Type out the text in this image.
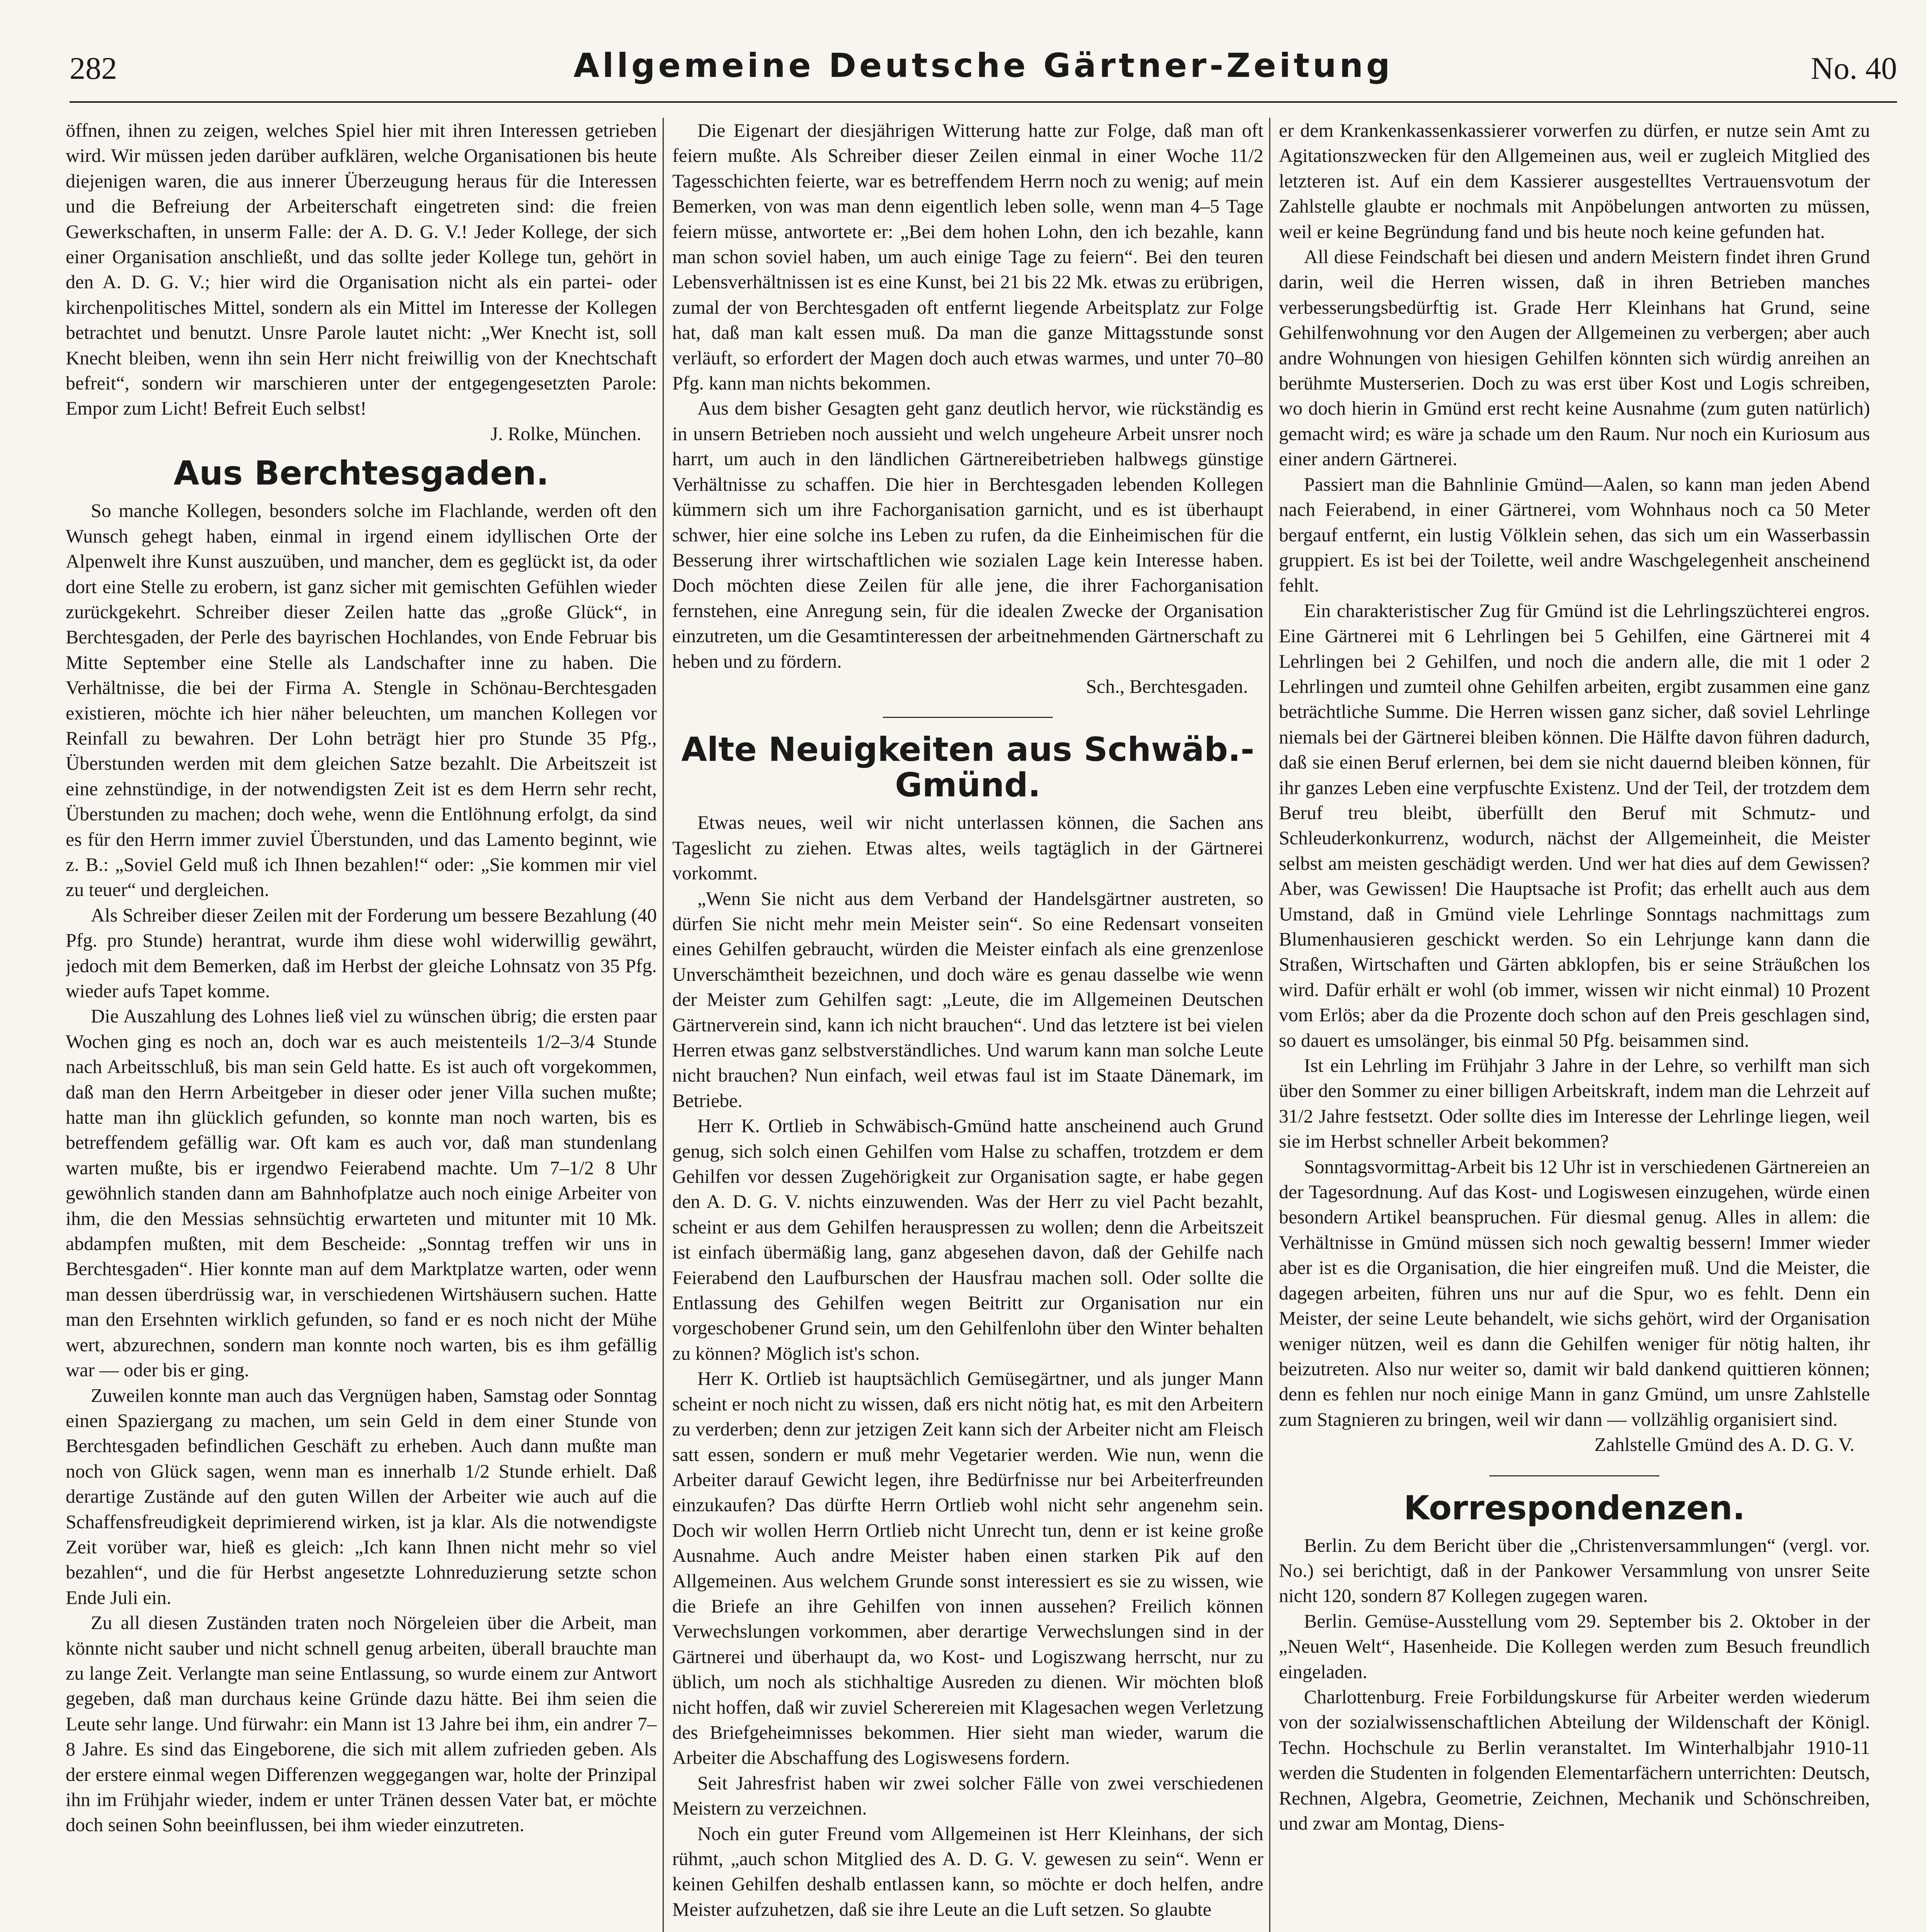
282	Allgemeine Deutsche Gärtner-Zeitung	No. 40

öffnen, ihnen zu zeigen, welches Spiel hier mit ihren Interessen getrieben wird. Wir müssen jeden darüber aufklären, welche Organisationen bis heute diejenigen waren, die aus innerer Überzeugung heraus für die Interessen und die Befreiung der Arbeiterschaft eingetreten sind: die freien Gewerkschaften, in unserm Falle: der A. D. G. V.! Jeder Kollege, der sich einer Organisation anschließt, und das sollte jeder Kollege tun, gehört in den A. D. G. V.; hier wird die Organisation nicht als ein partei- oder kirchenpolitisches Mittel, sondern als ein Mittel im Interesse der Kollegen betrachtet und benutzt. Unsre Parole lautet nicht: „Wer Knecht ist, soll Knecht bleiben, wenn ihn sein Herr nicht freiwillig von der Knechtschaft befreit“, sondern wir marschieren unter der entgegengesetzten Parole: Empor zum Licht! Befreit Euch selbst!

J. Rolke, München.

Aus Berchtesgaden.

So manche Kollegen, besonders solche im Flachlande, werden oft den Wunsch gehegt haben, einmal in irgend einem idyllischen Orte der Alpenwelt ihre Kunst auszuüben, und mancher, dem es geglückt ist, da oder dort eine Stelle zu erobern, ist ganz sicher mit gemischten Gefühlen wieder zurückgekehrt. Schreiber dieser Zeilen hatte das „große Glück“, in Berchtesgaden, der Perle des bayrischen Hochlandes, von Ende Februar bis Mitte September eine Stelle als Landschafter inne zu haben. Die Verhältnisse, die bei der Firma A. Stengle in Schönau-Berchtesgaden existieren, möchte ich hier näher beleuchten, um manchen Kollegen vor Reinfall zu bewahren. Der Lohn beträgt hier pro Stunde 35 Pfg., Überstunden werden mit dem gleichen Satze bezahlt. Die Arbeitszeit ist eine zehnstündige, in der notwendigsten Zeit ist es dem Herrn sehr recht, Überstunden zu machen; doch wehe, wenn die Entlöhnung erfolgt, da sind es für den Herrn immer zuviel Überstunden, und das Lamento beginnt, wie z. B.: „Soviel Geld muß ich Ihnen bezahlen!“ oder: „Sie kommen mir viel zu teuer“ und dergleichen.

Als Schreiber dieser Zeilen mit der Forderung um bessere Bezahlung (40 Pfg. pro Stunde) herantrat, wurde ihm diese wohl widerwillig gewährt, jedoch mit dem Bemerken, daß im Herbst der gleiche Lohnsatz von 35 Pfg. wieder aufs Tapet komme.

Die Auszahlung des Lohnes ließ viel zu wünschen übrig; die ersten paar Wochen ging es noch an, doch war es auch meistenteils 1/2–3/4 Stunde nach Arbeitsschluß, bis man sein Geld hatte. Es ist auch oft vorgekommen, daß man den Herrn Arbeitgeber in dieser oder jener Villa suchen mußte; hatte man ihn glücklich gefunden, so konnte man noch warten, bis es betreffendem gefällig war. Oft kam es auch vor, daß man stundenlang warten mußte, bis er irgendwo Feierabend machte. Um 7–1/2 8 Uhr gewöhnlich standen dann am Bahnhofplatze auch noch einige Arbeiter von ihm, die den Messias sehnsüchtig erwarteten und mitunter mit 10 Mk. abdampfen mußten, mit dem Bescheide: „Sonntag treffen wir uns in Berchtesgaden“. Hier konnte man auf dem Marktplatze warten, oder wenn man dessen überdrüssig war, in verschiedenen Wirtshäusern suchen. Hatte man den Ersehnten wirklich gefunden, so fand er es noch nicht der Mühe wert, abzurechnen, sondern man konnte noch warten, bis es ihm gefällig war — oder bis er ging.

Zuweilen konnte man auch das Vergnügen haben, Samstag oder Sonntag einen Spaziergang zu machen, um sein Geld in dem einer Stunde von Berchtesgaden befindlichen Geschäft zu erheben. Auch dann mußte man noch von Glück sagen, wenn man es innerhalb 1/2 Stunde erhielt. Daß derartige Zustände auf den guten Willen der Arbeiter wie auch auf die Schaffensfreudigkeit deprimierend wirken, ist ja klar. Als die notwendigste Zeit vorüber war, hieß es gleich: „Ich kann Ihnen nicht mehr so viel bezahlen“, und die für Herbst angesetzte Lohnreduzierung setzte schon Ende Juli ein.

Zu all diesen Zuständen traten noch Nörgeleien über die Arbeit, man könnte nicht sauber und nicht schnell genug arbeiten, überall brauchte man zu lange Zeit. Verlangte man seine Entlassung, so wurde einem zur Antwort gegeben, daß man durchaus keine Gründe dazu hätte. Bei ihm seien die Leute sehr lange. Und fürwahr: ein Mann ist 13 Jahre bei ihm, ein andrer 7–8 Jahre. Es sind das Eingeborene, die sich mit allem zufrieden geben. Als der erstere einmal wegen Differenzen weggegangen war, holte der Prinzipal ihn im Frühjahr wieder, indem er unter Tränen dessen Vater bat, er möchte doch seinen Sohn beeinflussen, bei ihm wieder einzutreten.

Die Eigenart der diesjährigen Witterung hatte zur Folge, daß man oft feiern mußte. Als Schreiber dieser Zeilen einmal in einer Woche 11/2 Tagesschichten feierte, war es betreffendem Herrn noch zu wenig; auf mein Bemerken, von was man denn eigentlich leben solle, wenn man 4–5 Tage feiern müsse, antwortete er: „Bei dem hohen Lohn, den ich bezahle, kann man schon soviel haben, um auch einige Tage zu feiern“. Bei den teuren Lebensverhältnissen ist es eine Kunst, bei 21 bis 22 Mk. etwas zu erübrigen, zumal der von Berchtesgaden oft entfernt liegende Arbeitsplatz zur Folge hat, daß man kalt essen muß. Da man die ganze Mittagsstunde sonst verläuft, so erfordert der Magen doch auch etwas warmes, und unter 70–80 Pfg. kann man nichts bekommen.

Aus dem bisher Gesagten geht ganz deutlich hervor, wie rückständig es in unsern Betrieben noch aussieht und welch ungeheure Arbeit unsrer noch harrt, um auch in den ländlichen Gärtnereibetrieben halbwegs günstige Verhältnisse zu schaffen. Die hier in Berchtesgaden lebenden Kollegen kümmern sich um ihre Fachorganisation garnicht, und es ist überhaupt schwer, hier eine solche ins Leben zu rufen, da die Einheimischen für die Besserung ihrer wirtschaftlichen wie sozialen Lage kein Interesse haben. Doch möchten diese Zeilen für alle jene, die ihrer Fachorganisation fernstehen, eine Anregung sein, für die idealen Zwecke der Organisation einzutreten, um die Gesamtinteressen der arbeitnehmenden Gärtnerschaft zu heben und zu fördern.

Sch., Berchtesgaden.

Alte Neuigkeiten aus Schwäb.-Gmünd.

Etwas neues, weil wir nicht unterlassen können, die Sachen ans Tageslicht zu ziehen. Etwas altes, weils tagtäglich in der Gärtnerei vorkommt.

„Wenn Sie nicht aus dem Verband der Handelsgärtner austreten, so dürfen Sie nicht mehr mein Meister sein“. So eine Redensart vonseiten eines Gehilfen gebraucht, würden die Meister einfach als eine grenzenlose Unverschämtheit bezeichnen, und doch wäre es genau dasselbe wie wenn der Meister zum Gehilfen sagt: „Leute, die im Allgemeinen Deutschen Gärtnerverein sind, kann ich nicht brauchen“. Und das letztere ist bei vielen Herren etwas ganz selbstverständliches. Und warum kann man solche Leute nicht brauchen? Nun einfach, weil etwas faul ist im Staate Dänemark, im Betriebe.

Herr K. Ortlieb in Schwäbisch-Gmünd hatte anscheinend auch Grund genug, sich solch einen Gehilfen vom Halse zu schaffen, trotzdem er dem Gehilfen vor dessen Zugehörigkeit zur Organisation sagte, er habe gegen den A. D. G. V. nichts einzuwenden. Was der Herr zu viel Pacht bezahlt, scheint er aus dem Gehilfen herauspressen zu wollen; denn die Arbeitszeit ist einfach übermäßig lang, ganz abgesehen davon, daß der Gehilfe nach Feierabend den Laufburschen der Hausfrau machen soll. Oder sollte die Entlassung des Gehilfen wegen Beitritt zur Organisation nur ein vorgeschobener Grund sein, um den Gehilfenlohn über den Winter behalten zu können? Möglich ist's schon.

Herr K. Ortlieb ist hauptsächlich Gemüsegärtner, und als junger Mann scheint er noch nicht zu wissen, daß ers nicht nötig hat, es mit den Arbeitern zu verderben; denn zur jetzigen Zeit kann sich der Arbeiter nicht am Fleisch satt essen, sondern er muß mehr Vegetarier werden. Wie nun, wenn die Arbeiter darauf Gewicht legen, ihre Bedürfnisse nur bei Arbeiterfreunden einzukaufen? Das dürfte Herrn Ortlieb wohl nicht sehr angenehm sein. Doch wir wollen Herrn Ortlieb nicht Unrecht tun, denn er ist keine große Ausnahme. Auch andre Meister haben einen starken Pik auf den Allgemeinen. Aus welchem Grunde sonst interessiert es sie zu wissen, wie die Briefe an ihre Gehilfen von innen aussehen? Freilich können Verwechslungen vorkommen, aber derartige Verwechslungen sind in der Gärtnerei und überhaupt da, wo Kost- und Logiszwang herrscht, nur zu üblich, um noch als stichhaltige Ausreden zu dienen. Wir möchten bloß nicht hoffen, daß wir zuviel Scherereien mit Klagesachen wegen Verletzung des Briefgeheimnisses bekommen. Hier sieht man wieder, warum die Arbeiter die Abschaffung des Logiswesens fordern.

Seit Jahresfrist haben wir zwei solcher Fälle von zwei verschiedenen Meistern zu verzeichnen.

Noch ein guter Freund vom Allgemeinen ist Herr Kleinhans, der sich rühmt, „auch schon Mitglied des A. D. G. V. gewesen zu sein“. Wenn er keinen Gehilfen deshalb entlassen kann, so möchte er doch helfen, andre Meister aufzuhetzen, daß sie ihre Leute an die Luft setzen. So glaubte

er dem Krankenkassenkassierer vorwerfen zu dürfen, er nutze sein Amt zu Agitationszwecken für den Allgemeinen aus, weil er zugleich Mitglied des letzteren ist. Auf ein dem Kassierer ausgestelltes Vertrauensvotum der Zahlstelle glaubte er nochmals mit Anpöbelungen antworten zu müssen, weil er keine Begründung fand und bis heute noch keine gefunden hat.

All diese Feindschaft bei diesen und andern Meistern findet ihren Grund darin, weil die Herren wissen, daß in ihren Betrieben manches verbesserungsbedürftig ist. Grade Herr Kleinhans hat Grund, seine Gehilfenwohnung vor den Augen der Allgemeinen zu verbergen; aber auch andre Wohnungen von hiesigen Gehilfen könnten sich würdig anreihen an berühmte Musterserien. Doch zu was erst über Kost und Logis schreiben, wo doch hierin in Gmünd erst recht keine Ausnahme (zum guten natürlich) gemacht wird; es wäre ja schade um den Raum. Nur noch ein Kuriosum aus einer andern Gärtnerei.

Passiert man die Bahnlinie Gmünd—Aalen, so kann man jeden Abend nach Feierabend, in einer Gärtnerei, vom Wohnhaus noch ca 50 Meter bergauf entfernt, ein lustig Völklein sehen, das sich um ein Wasserbassin gruppiert. Es ist bei der Toilette, weil andre Waschgelegenheit anscheinend fehlt.

Ein charakteristischer Zug für Gmünd ist die Lehrlingszüchterei engros. Eine Gärtnerei mit 6 Lehrlingen bei 5 Gehilfen, eine Gärtnerei mit 4 Lehrlingen bei 2 Gehilfen, und noch die andern alle, die mit 1 oder 2 Lehrlingen und zumteil ohne Gehilfen arbeiten, ergibt zusammen eine ganz beträchtliche Summe. Die Herren wissen ganz sicher, daß soviel Lehrlinge niemals bei der Gärtnerei bleiben können. Die Hälfte davon führen dadurch, daß sie einen Beruf erlernen, bei dem sie nicht dauernd bleiben können, für ihr ganzes Leben eine verpfuschte Existenz. Und der Teil, der trotzdem dem Beruf treu bleibt, überfüllt den Beruf mit Schmutz- und Schleuderkonkurrenz, wodurch, nächst der Allgemeinheit, die Meister selbst am meisten geschädigt werden. Und wer hat dies auf dem Gewissen? Aber, was Gewissen! Die Hauptsache ist Profit; das erhellt auch aus dem Umstand, daß in Gmünd viele Lehrlinge Sonntags nachmittags zum Blumenhausieren geschickt werden. So ein Lehrjunge kann dann die Straßen, Wirtschaften und Gärten abklopfen, bis er seine Sträußchen los wird. Dafür erhält er wohl (ob immer, wissen wir nicht einmal) 10 Prozent vom Erlös; aber da die Prozente doch schon auf den Preis geschlagen sind, so dauert es umsolänger, bis einmal 50 Pfg. beisammen sind.

Ist ein Lehrling im Frühjahr 3 Jahre in der Lehre, so verhilft man sich über den Sommer zu einer billigen Arbeitskraft, indem man die Lehrzeit auf 31/2 Jahre festsetzt. Oder sollte dies im Interesse der Lehrlinge liegen, weil sie im Herbst schneller Arbeit bekommen?

Sonntagsvormittag-Arbeit bis 12 Uhr ist in verschiedenen Gärtnereien an der Tagesordnung. Auf das Kost- und Logiswesen einzugehen, würde einen besondern Artikel beanspruchen. Für diesmal genug. Alles in allem: die Verhältnisse in Gmünd müssen sich noch gewaltig bessern! Immer wieder aber ist es die Organisation, die hier eingreifen muß. Und die Meister, die dagegen arbeiten, führen uns nur auf die Spur, wo es fehlt. Denn ein Meister, der seine Leute behandelt, wie sichs gehört, wird der Organisation weniger nützen, weil es dann die Gehilfen weniger für nötig halten, ihr beizutreten. Also nur weiter so, damit wir bald dankend quittieren können; denn es fehlen nur noch einige Mann in ganz Gmünd, um unsre Zahlstelle zum Stagnieren zu bringen, weil wir dann — vollzählig organisiert sind.

Zahlstelle Gmünd des A. D. G. V.

Korrespondenzen.

Berlin. Zu dem Bericht über die „Christenversammlungen“ (vergl. vor. No.) sei berichtigt, daß in der Pankower Versammlung von unsrer Seite nicht 120, sondern 87 Kollegen zugegen waren.

Berlin. Gemüse-Ausstellung vom 29. September bis 2. Oktober in der „Neuen Welt“, Hasenheide. Die Kollegen werden zum Besuch freundlich eingeladen.

Charlottenburg. Freie Forbildungskurse für Arbeiter werden wiederum von der sozialwissenschaftlichen Abteilung der Wildenschaft der Königl. Techn. Hochschule zu Berlin veranstaltet. Im Winterhalbjahr 1910-11 werden die Studenten in folgenden Elementarfächern unterrichten: Deutsch, Rechnen, Algebra, Geometrie, Zeichnen, Mechanik und Schönschreiben, und zwar am Montag, Diens-
